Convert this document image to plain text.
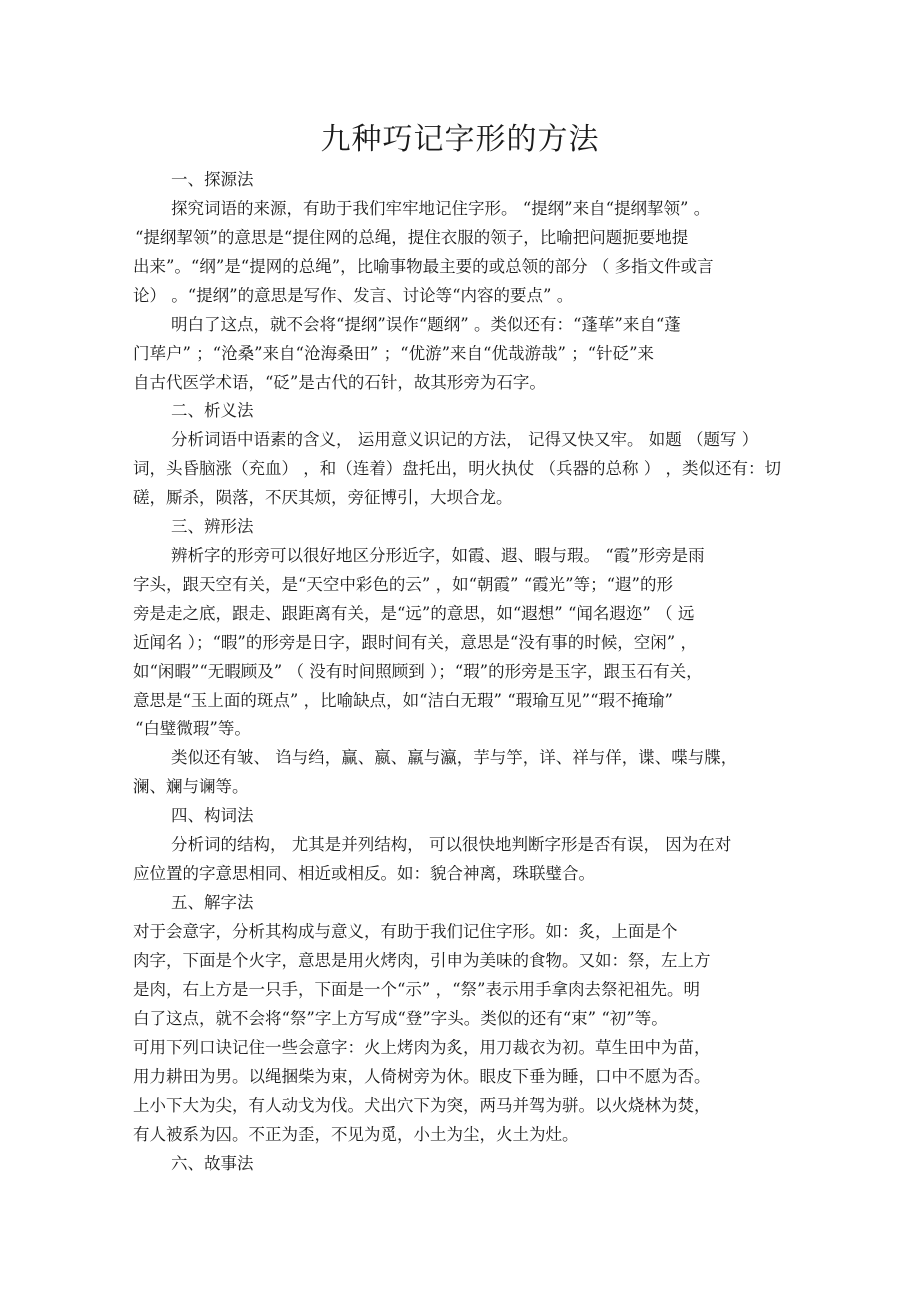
九种巧记字形的方法
一、探源法
探究词语的来源，有助于我们牢牢地记住字形。 “提纲”来自“提纲挈领” 。
“提纲挈领”的意思是“提住网的总绳，提住衣服的领子，比喻把问题扼要地提
出来”。“纲”是“提网的总绳”，比喻事物最主要的或总领的部分 （ 多指文件或言
论） 。“提纲”的意思是写作、发言、讨论等“内容的要点” 。
明白了这点，就不会将“提纲”误作“题纲” 。类似还有：“蓬荜”来自“蓬
门荜户” ；“沧桑”来自“沧海桑田” ；“优游”来自“优哉游哉” ；“针砭”来
自古代医学术语，“砭”是古代的石针，故其形旁为石字。
二、析义法
分析词语中语素的含义， 运用意义识记的方法， 记得又快又牢。 如题 （题写 ）
词，头昏脑涨（充血） ，和（连着）盘托出，明火执仗 （兵器的总称 ） ，类似还有：切
磋，厮杀，陨落，不厌其烦，旁征博引，大坝合龙。
三、辨形法
辨析字的形旁可以很好地区分形近字，如霞、遐、暇与瑕。 “霞”形旁是雨
字头，跟天空有关，是“天空中彩色的云” ，如“朝霞” “霞光”等；“遐”的形
旁是走之底，跟走、跟距离有关，是“远”的意思，如“遐想” “闻名遐迩” （ 远
近闻名 ）；“暇”的形旁是日字，跟时间有关，意思是“没有事的时候，空闲” ，
如“闲暇”“无暇顾及” （ 没有时间照顾到 ）；“瑕”的形旁是玉字，跟玉石有关，
意思是“玉上面的斑点” ，比喻缺点，如“洁白无瑕” “瑕瑜互见”“瑕不掩瑜”
“白璧微瑕”等。
类似还有皱、 诌与绉，赢、嬴、羸与瀛，芋与竽，详、祥与佯，谍、喋与牒，
澜、斓与谰等。
四、构词法
分析词的结构， 尤其是并列结构， 可以很快地判断字形是否有误， 因为在对
应位置的字意思相同、相近或相反。如：貌合神离，珠联璧合。
五、解字法
对于会意字，分析其构成与意义，有助于我们记住字形。如：炙，上面是个
肉字，下面是个火字，意思是用火烤肉，引申为美味的食物。又如：祭，左上方
是肉，右上方是一只手，下面是一个“示” ，“祭”表示用手拿肉去祭祀祖先。明
白了这点，就不会将“祭”字上方写成“登”字头。类似的还有“束” “初”等。
可用下列口诀记住一些会意字：火上烤肉为炙，用刀裁衣为初。草生田中为苗，
用力耕田为男。以绳捆柴为束，人倚树旁为休。眼皮下垂为睡，口中不愿为否。
上小下大为尖，有人动戈为伐。犬出穴下为突，两马并驾为骈。以火烧林为焚，
有人被系为囚。不正为歪，不见为觅，小土为尘，火土为灶。
六、故事法
